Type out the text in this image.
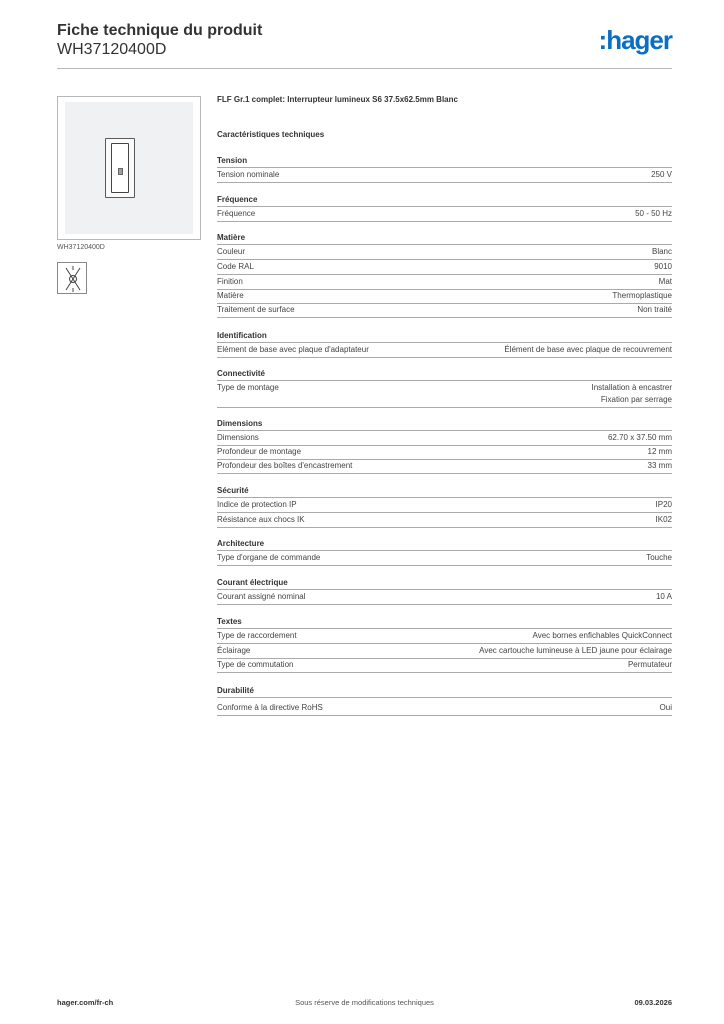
Fiche technique du produit
WH37120400D	:hager
WH37120400D
FLF Gr.1 complet: Interrupteur lumineux S6 37.5x62.5mm Blanc
Caractéristiques techniques
Tension
Tension nominale	250 V
Fréquence
Fréquence	50 - 50 Hz
Matière
Couleur	Blanc
Code RAL	9010
Finition	Mat
Matière	Thermoplastique
Traitement de surface	Non traité
Identification
Elément de base avec plaque d'adaptateur	Élément de base avec plaque de recouvrement
Connectivité
Type de montage	Installation à encastrer
Fixation par serrage
Dimensions
Dimensions	62.70 x 37.50 mm
Profondeur de montage	12 mm
Profondeur des boîtes d'encastrement	33 mm
Sécurité
Indice de protection IP	IP20
Résistance aux chocs IK	IK02
Architecture
Type d'organe de commande	Touche
Courant électrique
Courant assigné nominal	10 A
Textes
Type de raccordement	Avec bornes enfichables QuickConnect
Éclairage	Avec cartouche lumineuse à LED jaune pour éclairage
Type de commutation	Permutateur
Durabilité
Conforme à la directive RoHS	Oui
Sous réserve de modifications techniques
hager.com/fr-ch	09.03.2026
